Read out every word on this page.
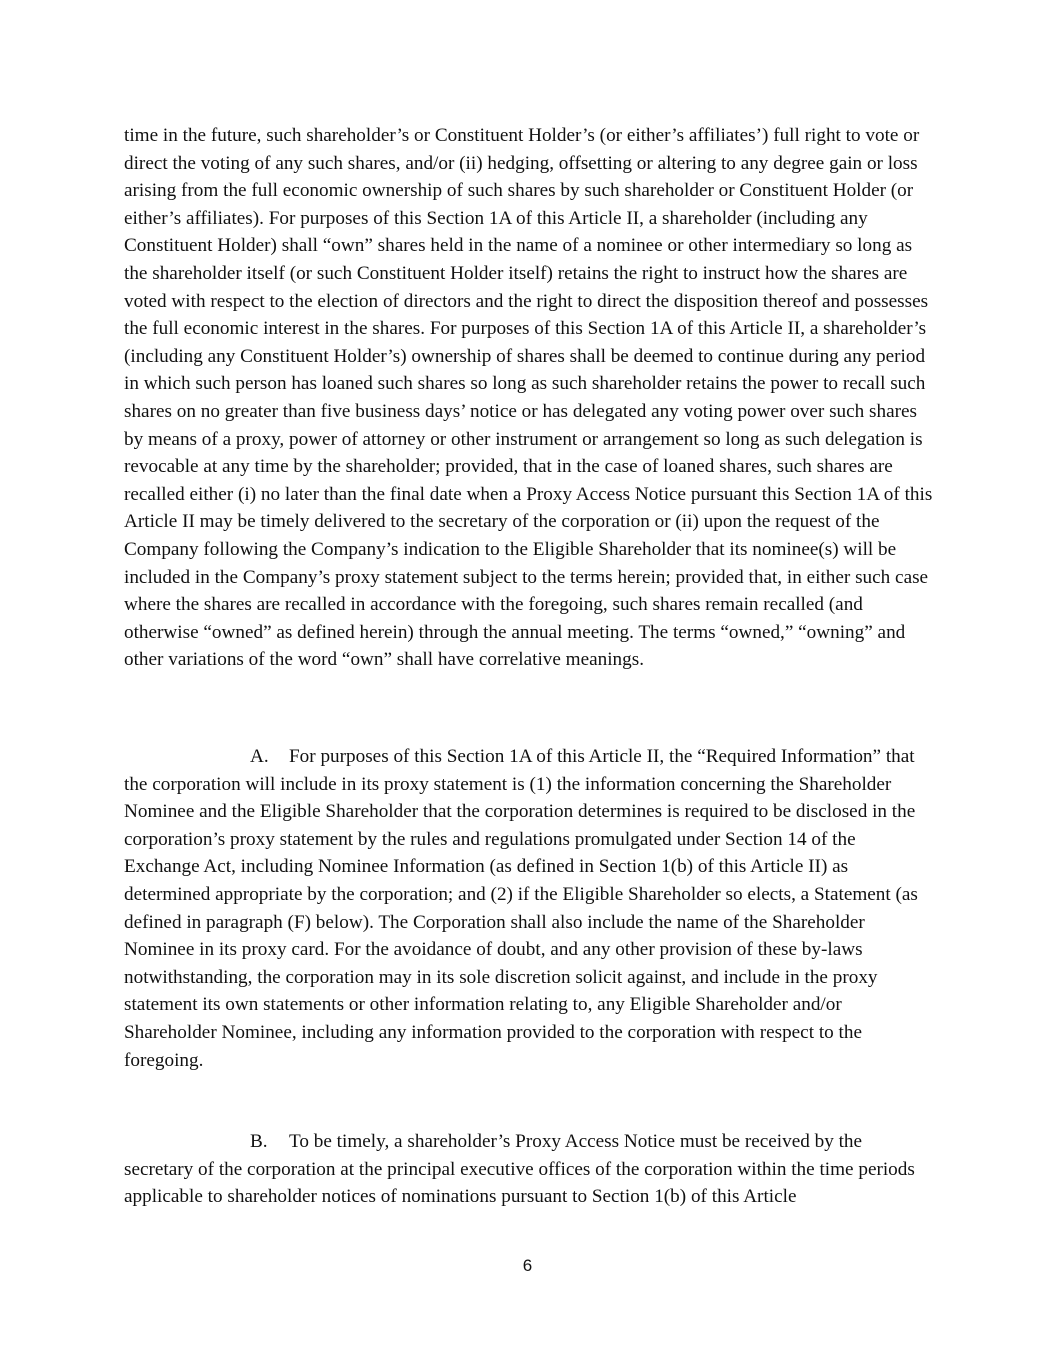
time in the future, such shareholder’s or Constituent Holder’s (or either’s affiliates’) full right to vote or direct the voting of any such shares, and/or (ii) hedging, offsetting or altering to any degree gain or loss arising from the full economic ownership of such shares by such shareholder or Constituent Holder (or either’s affiliates). For purposes of this Section 1A of this Article II, a shareholder (including any Constituent Holder) shall “own” shares held in the name of a nominee or other intermediary so long as the shareholder itself (or such Constituent Holder itself) retains the right to instruct how the shares are voted with respect to the election of directors and the right to direct the disposition thereof and possesses the full economic interest in the shares. For purposes of this Section 1A of this Article II, a shareholder’s (including any Constituent Holder’s) ownership of shares shall be deemed to continue during any period in which such person has loaned such shares so long as such shareholder retains the power to recall such shares on no greater than five business days’ notice or has delegated any voting power over such shares by means of a proxy, power of attorney or other instrument or arrangement so long as such delegation is revocable at any time by the shareholder; provided, that in the case of loaned shares, such shares are recalled either (i) no later than the final date when a Proxy Access Notice pursuant this Section 1A of this Article II may be timely delivered to the secretary of the corporation or (ii) upon the request of the Company following the Company’s indication to the Eligible Shareholder that its nominee(s) will be included in the Company’s proxy statement subject to the terms herein; provided that, in either such case where the shares are recalled in accordance with the foregoing, such shares remain recalled (and otherwise “owned” as defined herein) through the annual meeting. The terms “owned,” “owning” and other variations of the word “own” shall have correlative meanings.

A. For purposes of this Section 1A of this Article II, the “Required Information” that the corporation will include in its proxy statement is (1) the information concerning the Shareholder Nominee and the Eligible Shareholder that the corporation determines is required to be disclosed in the corporation’s proxy statement by the rules and regulations promulgated under Section 14 of the Exchange Act, including Nominee Information (as defined in Section 1(b) of this Article II) as determined appropriate by the corporation; and (2) if the Eligible Shareholder so elects, a Statement (as defined in paragraph (F) below). The Corporation shall also include the name of the Shareholder Nominee in its proxy card. For the avoidance of doubt, and any other provision of these by-laws notwithstanding, the corporation may in its sole discretion solicit against, and include in the proxy statement its own statements or other information relating to, any Eligible Shareholder and/or Shareholder Nominee, including any information provided to the corporation with respect to the foregoing.

B. To be timely, a shareholder’s Proxy Access Notice must be received by the secretary of the corporation at the principal executive offices of the corporation within the time periods applicable to shareholder notices of nominations pursuant to Section 1(b) of this Article

6
